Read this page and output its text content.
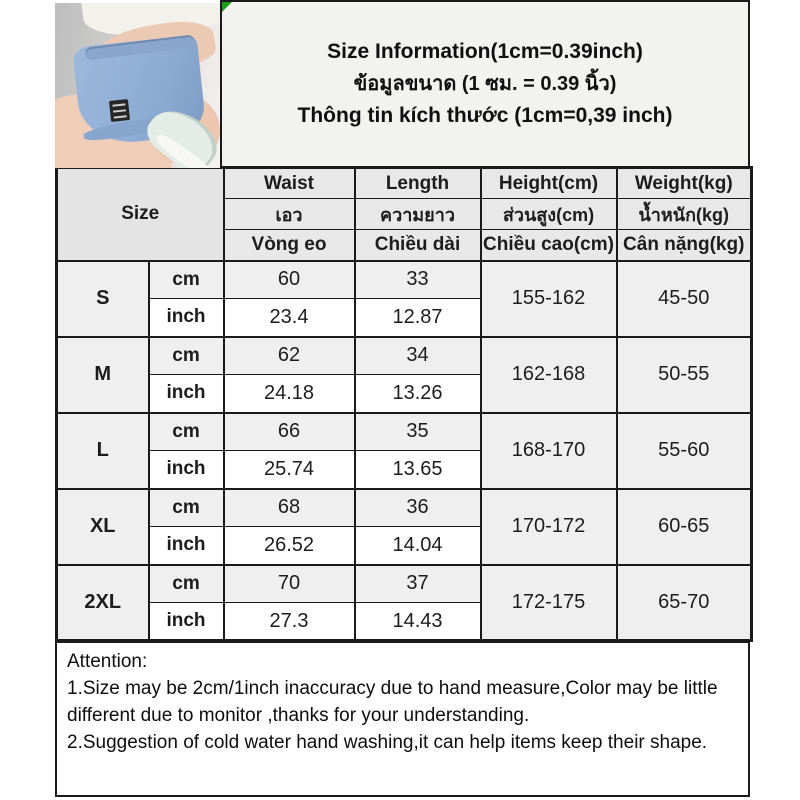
Size Information(1cm=0.39inch)
ข้อมูลขนาด (1 ซม. = 0.39 นิ้ว)
Thông tin kích thước (1cm=0,39 inch)
Size		Waist	Length	Height(cm)	Weight(kg)
		เอว	ความยาว	ส่วนสูง(cm)	น้ำหนัก(kg)
		Vòng eo	Chiều dài	Chiều cao(cm)	Cân nặng(kg)
S	cm	60	33	155-162	45-50
	inch	23.4	12.87		
M	cm	62	34	162-168	50-55
	inch	24.18	13.26		
L	cm	66	35	168-170	55-60
	inch	25.74	13.65		
XL	cm	68	36	170-172	60-65
	inch	26.52	14.04		
2XL	cm	70	37	172-175	65-70
	inch	27.3	14.43		

Attention:

1.Size may be 2cm/1inch inaccuracy due to hand measure,Color may be little different due to monitor ,thanks for your understanding.

2.Suggestion of cold water hand washing,it can help items keep their shape.
